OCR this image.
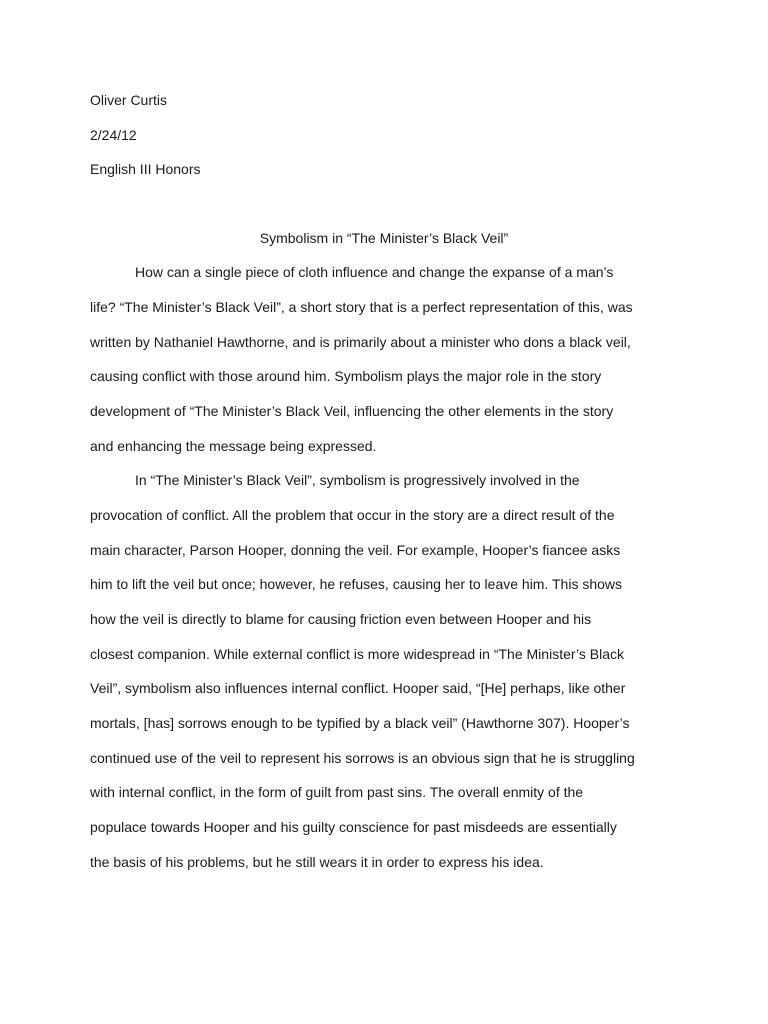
Oliver Curtis
2/24/12
English III Honors
Symbolism in “The Minister’s Black Veil”
How can a single piece of cloth influence and change the expanse of a man’s
life? “The Minister’s Black Veil”, a short story that is a perfect representation of this, was
written by Nathaniel Hawthorne, and is primarily about a minister who dons a black veil,
causing conflict with those around him. Symbolism plays the major role in the story
development of “The Minister’s Black Veil, influencing the other elements in the story
and enhancing the message being expressed.
In “The Minister’s Black Veil”, symbolism is progressively involved in the
provocation of conflict. All the problem that occur in the story are a direct result of the
main character, Parson Hooper, donning the veil. For example, Hooper’s fiancee asks
him to lift the veil but once; however, he refuses, causing her to leave him. This shows
how the veil is directly to blame for causing friction even between Hooper and his
closest companion. While external conflict is more widespread in “The Minister’s Black
Veil”, symbolism also influences internal conflict. Hooper said, “[He] perhaps, like other
mortals, [has] sorrows enough to be typified by a black veil” (Hawthorne 307). Hooper’s
continued use of the veil to represent his sorrows is an obvious sign that he is struggling
with internal conflict, in the form of guilt from past sins. The overall enmity of the
populace towards Hooper and his guilty conscience for past misdeeds are essentially
the basis of his problems, but he still wears it in order to express his idea.
